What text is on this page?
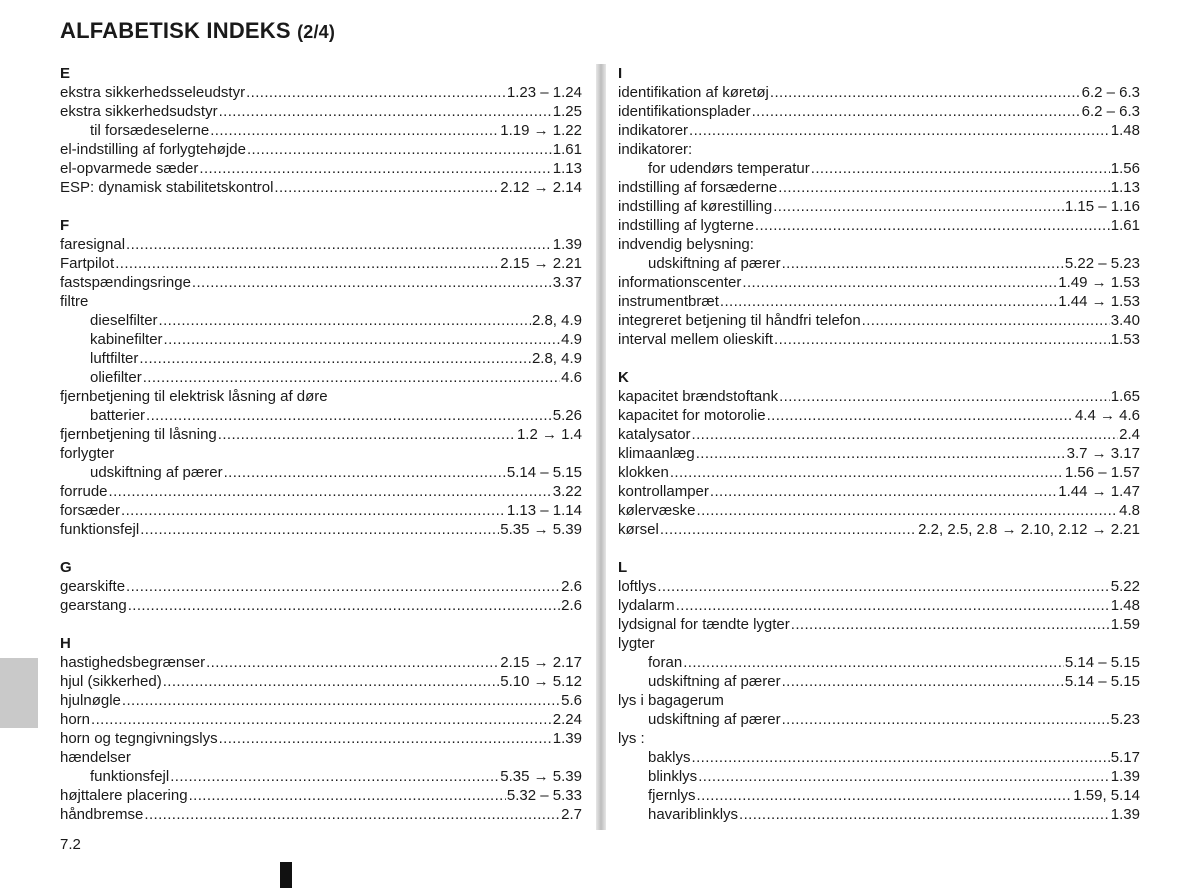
ALFABETISK INDEKS (2/4)
E
ekstra sikkerhedsseleudstyr .....	1.23 – 1.24
ekstra sikkerhedsudstyr .....	1.25
til forsædeselerne .....	1.19 → 1.22
el-indstilling af forlygtehøjde .....	1.61
el-opvarmede sæder .....	1.13
ESP: dynamisk stabilitetskontrol .....	2.12 → 2.14
F
faresignal .....	1.39
Fartpilot .....	2.15 → 2.21
fastspændingsringe .....	3.37
filtre
dieselfilter .....	2.8, 4.9
kabinefilter .....	4.9
luftfilter .....	2.8, 4.9
oliefilter .....	4.6
fjernbetjening til elektrisk låsning af døre
batterier .....	5.26
fjernbetjening til låsning .....	1.2 → 1.4
forlygter
udskiftning af pærer .....	5.14 – 5.15
forrude .....	3.22
forsæder .....	1.13 – 1.14
funktionsfejl .....	5.35 → 5.39
G
gearskifte .....	2.6
gearstang .....	2.6
H
hastighedsbegrænser .....	2.15 → 2.17
hjul (sikkerhed) .....	5.10 → 5.12
hjulnøgle .....	5.6
horn .....	2.24
horn og tegngivningslys .....	1.39
hændelser
funktionsfejl .....	5.35 → 5.39
højttalere placering .....	5.32 – 5.33
håndbremse .....	2.7
I
identifikation af køretøj .....	6.2 – 6.3
identifikationsplader .....	6.2 – 6.3
indikatorer .....	1.48
indikatorer:
for udendørs temperatur .....	1.56
indstilling af forsæderne .....	1.13
indstilling af kørestilling .....	1.15 – 1.16
indstilling af lygterne .....	1.61
indvendig belysning:
udskiftning af pærer .....	5.22 – 5.23
informationscenter .....	1.49 → 1.53
instrumentbræt .....	1.44 → 1.53
integreret betjening til håndfri telefon .....	3.40
interval mellem olieskift .....	1.53
K
kapacitet brændstoftank .....	1.65
kapacitet for motorolie .....	4.4 → 4.6
katalysator .....	2.4
klimaanlæg .....	3.7 → 3.17
klokken .....	1.56 – 1.57
kontrollamper .....	1.44 → 1.47
kølervæske .....	4.8
kørsel .....	2.2, 2.5, 2.8 → 2.10, 2.12 → 2.21
L
loftlys .....	5.22
lydalarm .....	1.48
lydsignal for tændte lygter .....	1.59
lygter
foran .....	5.14 – 5.15
udskiftning af pærer .....	5.14 – 5.15
lys i bagagerum
udskiftning af pærer .....	5.23
lys :
baklys .....	5.17
blinklys .....	1.39
fjernlys .....	1.59, 5.14
havariblinklys .....	1.39
7.2
